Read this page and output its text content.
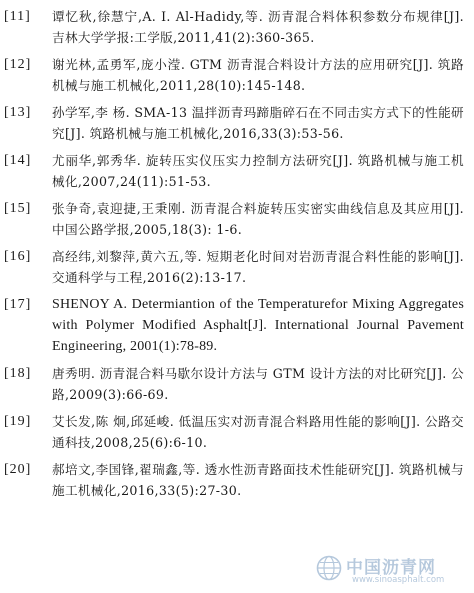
[11] 谭忆秋,徐慧宁,A. I. Al-Hadidy,等. 沥青混合料体积参数分布规律[J]. 吉林大学学报:工学版,2011,41(2):360-365.
[12] 谢光林,孟勇军,庞小滢. GTM 沥青混合料设计方法的应用研究[J]. 筑路机械与施工机械化,2011,28(10):145-148.
[13] 孙学军,李 杨. SMA-13 温拌沥青玛蹄脂碎石在不同击实方式下的性能研究[J]. 筑路机械与施工机械化,2016,33(3):53-56.
[14] 尤丽华,郭秀华. 旋转压实仪压实力控制方法研究[J]. 筑路机械与施工机械化,2007,24(11):51-53.
[15] 张争奇,袁迎捷,王秉刚. 沥青混合料旋转压实密实曲线信息及其应用[J]. 中国公路学报,2005,18(3): 1-6.
[16] 高经纬,刘黎萍,黄六五,等. 短期老化时间对岩沥青混合料性能的影响[J]. 交通科学与工程,2016(2):13-17.
[17] SHENOY A. Determiantion of the Temperaturefor Mixing Aggregates with Polymer Modified Asphalt[J]. International Journal Pavement Engineering, 2001(1):78-89.
[18] 唐秀明. 沥青混合料马歇尔设计方法与 GTM 设计方法的对比研究[J]. 公路,2009(3):66-69.
[19] 艾长发,陈 炯,邱延峻. 低温压实对沥青混合料路用性能的影响[J]. 公路交通科技,2008,25(6):6-10.
[20] 郝培文,李国锋,翟瑞鑫,等. 透水性沥青路面技术性能研究[J]. 筑路机械与施工机械化,2016,33(5):27-30.
中国沥青网
www.sinoasphalt.com
